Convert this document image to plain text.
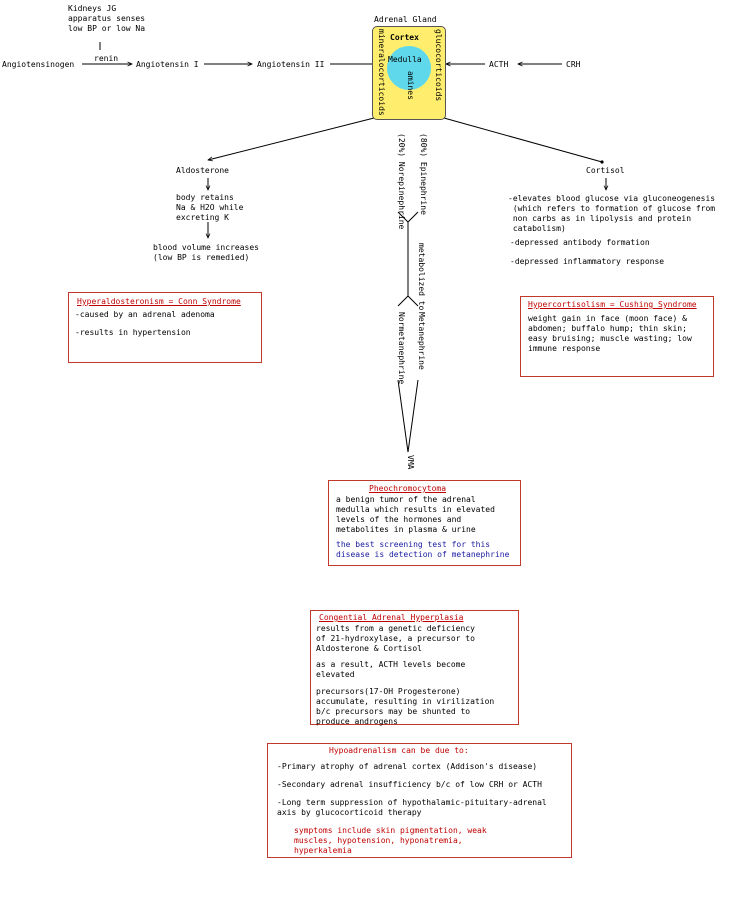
Kidneys JG
apparatus senses
low BP or low Na
renin
Angiotensinogen	Angiotensin I	Angiotensin II	ACTH	CRH
Adrenal Gland
Cortex
Medulla
amines
mineralocorticoids	glucocorticoids
(80%) Epinephrine
(20%) Norepinephrine
metabolized to
Metanephrine
Normetanephrine
VMA
Aldosterone
body retains
Na & H2O while
excreting K
blood volume increases
(low BP is remedied)
Cortisol
-elevates blood glucose via gluconeogenesis
(which refers to formation of glucose from
non carbs as in lipolysis and protein
catabolism)
-depressed antibody formation
-depressed inflammatory response
Hyperaldosteronism = Conn Syndrome
-caused by an adrenal adenoma
-results in hypertension
Hypercortisolism = Cushing Syndrome
weight gain in face (moon face) &
abdomen; buffalo hump; thin skin;
easy bruising; muscle wasting; low
immune response
Pheochromocytoma
a benign tumor of the adrenal
medulla which results in elevated
levels of the hormones and
metabolites in plasma & urine
the best screening test for this
disease is detection of metanephrine
Congential Adrenal Hyperplasia
results from a genetic deficiency
of 21-hydroxylase, a precursor to
Aldosterone & Cortisol
as a result, ACTH levels become
elevated
precursors(17-OH Progesterone)
accumulate, resulting in virilization
b/c precursors may be shunted to
produce androgens
Hypoadrenalism can be due to:
-Primary atrophy of adrenal cortex (Addison's disease)
-Secondary adrenal insufficiency b/c of low CRH or ACTH
-Long term suppression of hypothalamic-pituitary-adrenal
axis by glucocorticoid therapy
symptoms include skin pigmentation, weak
muscles, hypotension, hyponatremia,
hyperkalemia
